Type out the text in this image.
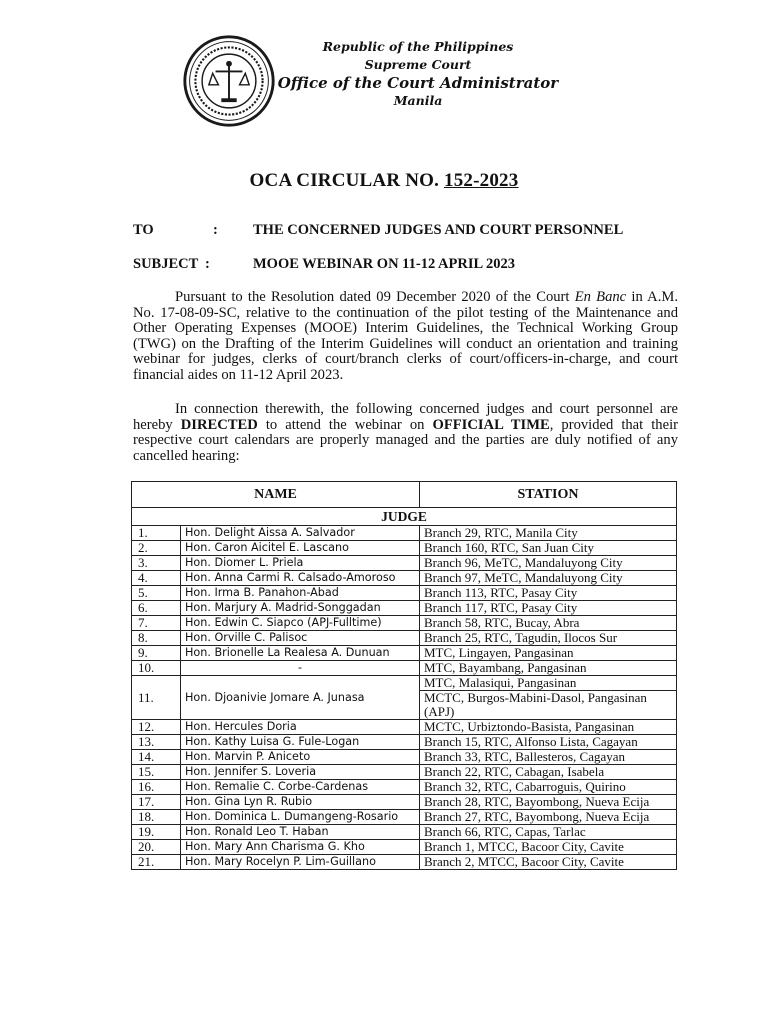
Republic of the Philippines
Supreme Court
Office of the Court Administrator
Manila
OCA CIRCULAR NO. 152-2023
TO	: THE CONCERNED JUDGES AND COURT PERSONNEL
SUBJECT :	MOOE WEBINAR ON 11-12 APRIL 2023

Pursuant to the Resolution dated 09 December 2020 of the Court En Banc in A.M. No. 17-08-09-SC, relative to the continuation of the pilot testing of the Maintenance and Other Operating Expenses (MOOE) Interim Guidelines, the Technical Working Group (TWG) on the Drafting of the Interim Guidelines will conduct an orientation and training webinar for judges, clerks of court/branch clerks of court/officers-in-charge, and court financial aides on 11-12 April 2023.

In connection therewith, the following concerned judges and court personnel are hereby DIRECTED to attend the webinar on OFFICIAL TIME, provided that their respective court calendars are properly managed and the parties are duly notified of any cancelled hearing:

NAME		STATION
JUDGE		
1.	Hon. Delight Aissa A. Salvador	Branch 29, RTC, Manila City
2.	Hon. Caron Aicitel E. Lascano	Branch 160, RTC, San Juan City
3.	Hon. Diomer L. Priela	Branch 96, MeTC, Mandaluyong City
4.	Hon. Anna Carmi R. Calsado-Amoroso	Branch 97, MeTC, Mandaluyong City
5.	Hon. Irma B. Panahon-Abad	Branch 113, RTC, Pasay City
6.	Hon. Marjury A. Madrid-Songgadan	Branch 117, RTC, Pasay City
7.	Hon. Edwin C. Siapco (APJ-Fulltime)	Branch 58, RTC, Bucay, Abra
8.	Hon. Orville C. Palisoc	Branch 25, RTC, Tagudin, Ilocos Sur
9.	Hon. Brionelle La Realesa A. Dunuan	MTC, Lingayen, Pangasinan
10.	-	MTC, Bayambang, Pangasinan
11.	Hon. Djoanivie Jomare A. Junasa	MTC, Malasiqui, Pangasinan
		MCTC, Burgos-Mabini-Dasol, Pangasinan (APJ)
12.	Hon. Hercules Doria	MCTC, Urbiztondo-Basista, Pangasinan
13.	Hon. Kathy Luisa G. Fule-Logan	Branch 15, RTC, Alfonso Lista, Cagayan
14.	Hon. Marvin P. Aniceto	Branch 33, RTC, Ballesteros, Cagayan
15.	Hon. Jennifer S. Loveria	Branch 22, RTC, Cabagan, Isabela
16.	Hon. Remalie C. Corbe-Cardenas	Branch 32, RTC, Cabarroguis, Quirino
17.	Hon. Gina Lyn R. Rubio	Branch 28, RTC, Bayombong, Nueva Ecija
18.	Hon. Dominica L. Dumangeng-Rosario	Branch 27, RTC, Bayombong, Nueva Ecija
19.	Hon. Ronald Leo T. Haban	Branch 66, RTC, Capas, Tarlac
20.	Hon. Mary Ann Charisma G. Kho	Branch 1, MTCC, Bacoor City, Cavite
21.	Hon. Mary Rocelyn P. Lim-Guillano	Branch 2, MTCC, Bacoor City, Cavite
